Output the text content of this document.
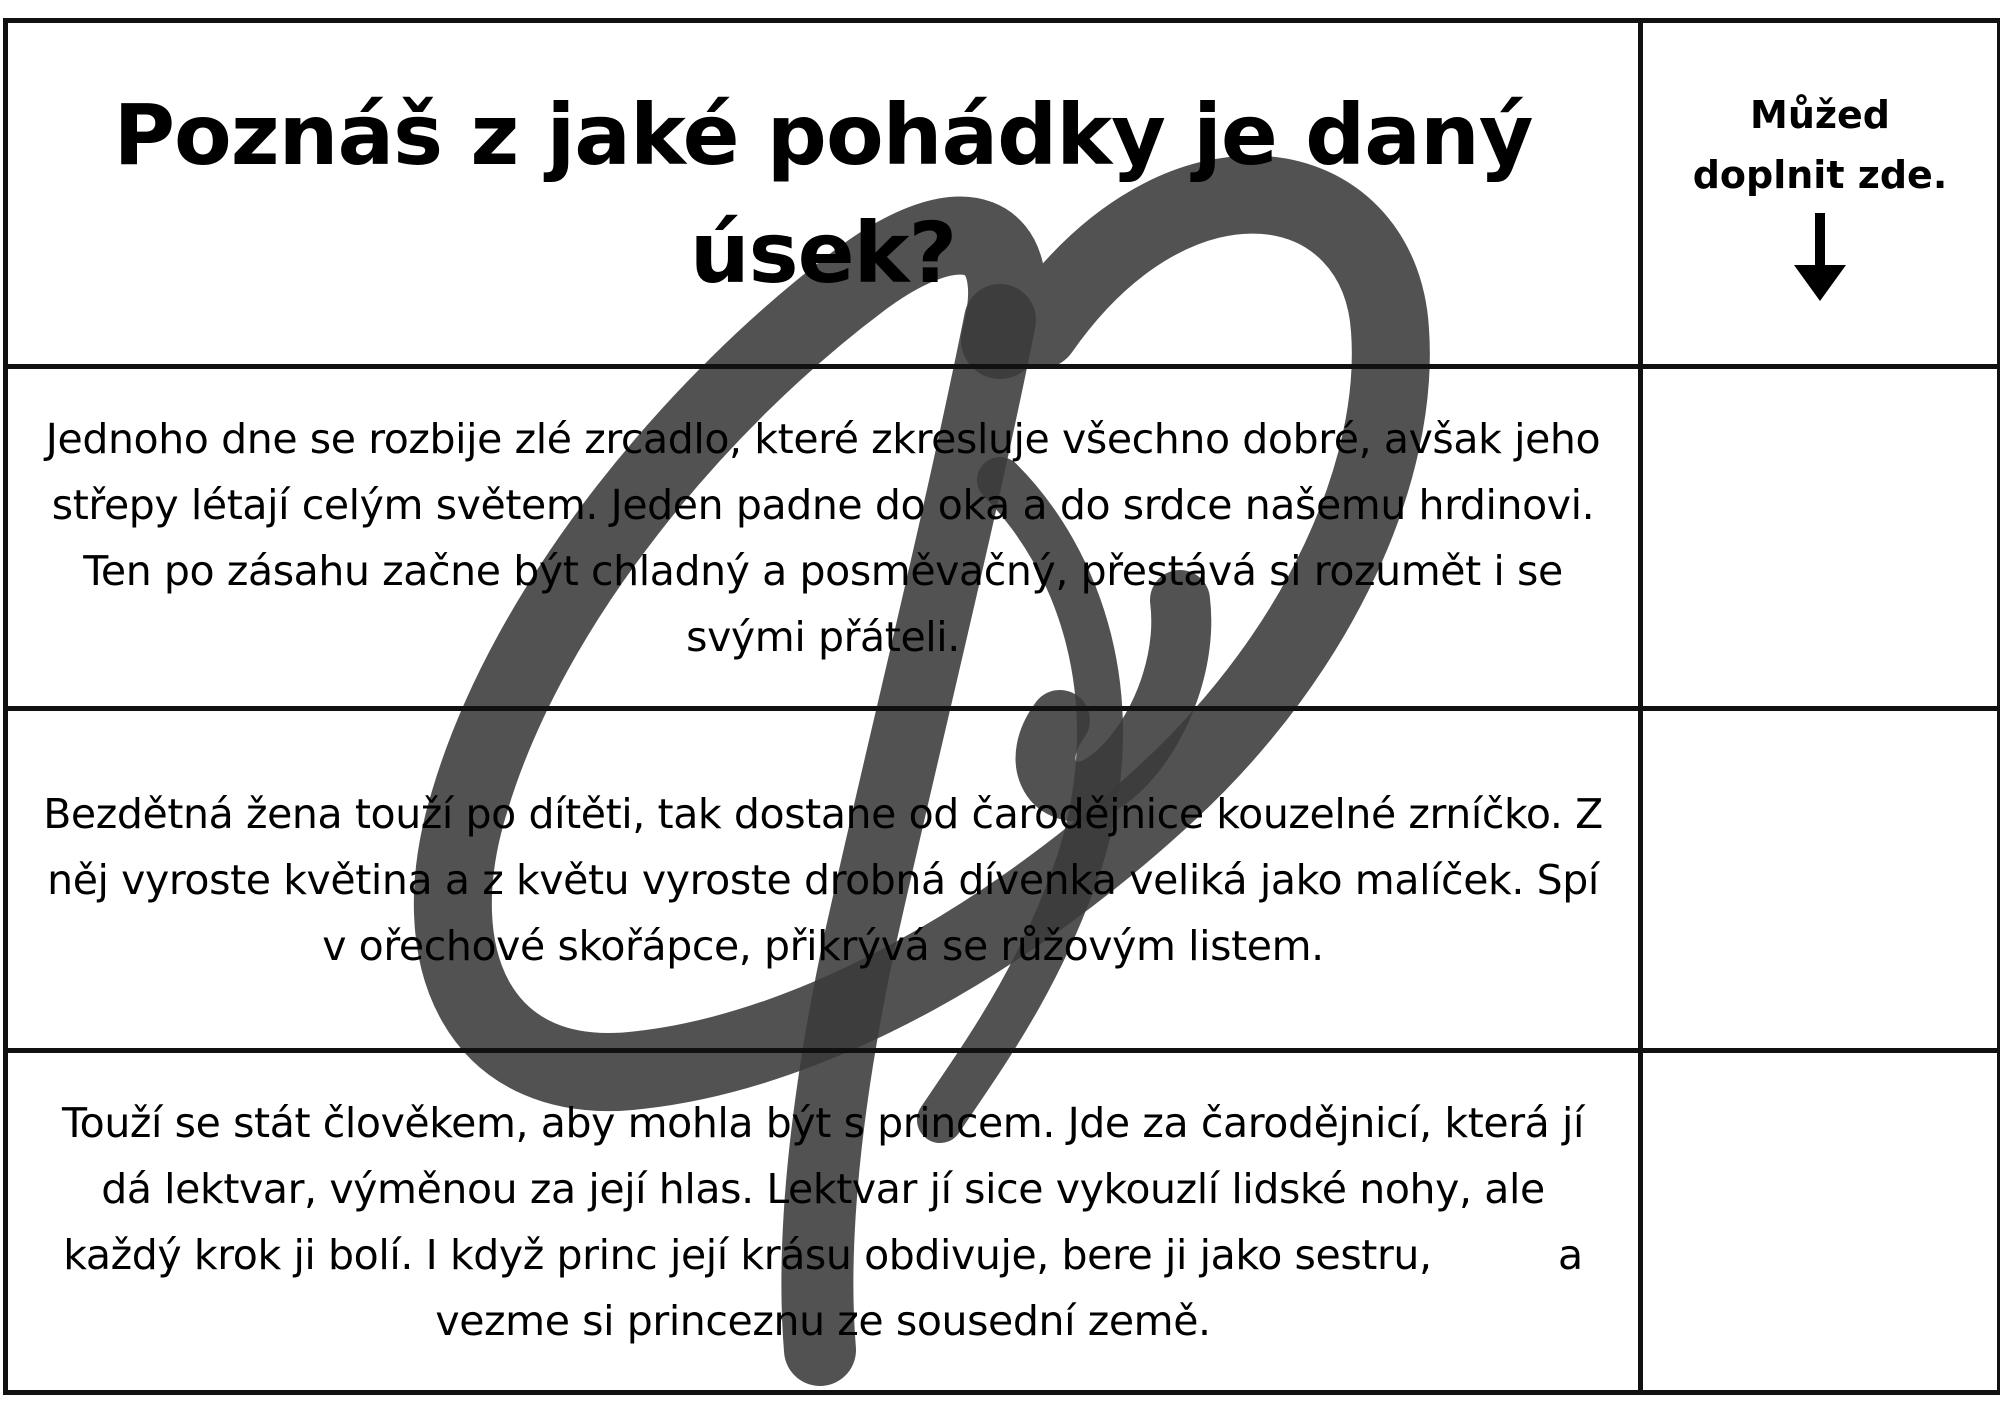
Poznáš z jaké pohádky je daný úsek?	Můžed doplnit zde.

Jednoho dne se rozbije zlé zrcadlo, které zkresluje všechno dobré, avšak jeho střepy létají celým světem. Jeden padne do oka a do srdce našemu hrdinovi. Ten po zásahu začne být chladný a posměvačný, přestává si rozumět i se svými přáteli.	

Bezdětná žena touží po dítěti, tak dostane od čarodějnice kouzelné zrníčko. Z něj vyroste květina a z květu vyroste drobná dívenka veliká jako malíček. Spí v ořechové skořápce, přikrývá se růžovým listem.	

Touží se stát člověkem, aby mohla být s princem. Jde za čarodějnicí, která jí dá lektvar, výměnou za její hlas. Lektvar jí sice vykouzlí lidské nohy, ale každý krok ji bolí. I když princ její krásu obdivuje, bere ji jako sestru,          a vezme si princeznu ze sousední země.	
